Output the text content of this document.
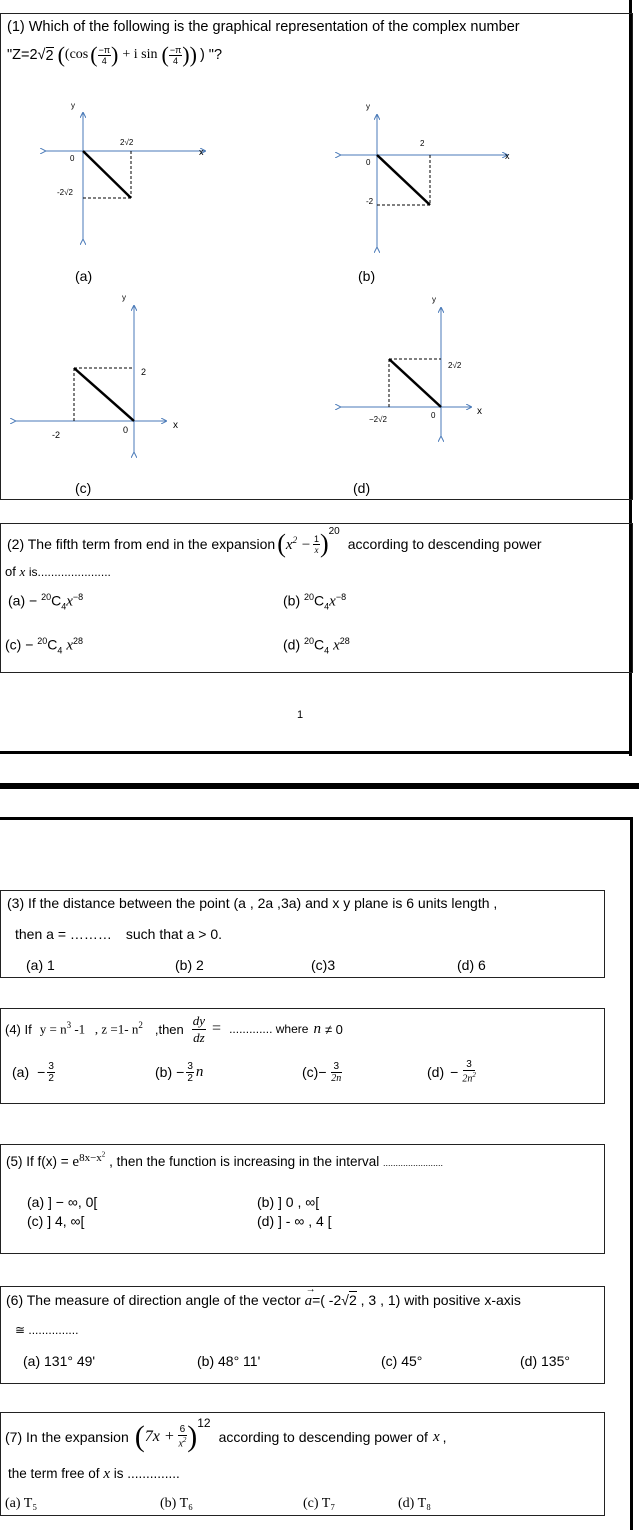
(1) Which of the following is the graphical representation of the complex number
"Z=2 √ 2 ( (cos ( −π
4 ) + i sin ( −π
4 ) ) ) "?
y
x
0
2√2
-2√2
(a)
y
x
0
2
-2
(b)
y
x
0
2
-2
(c)
y
x
0
2√2
−2√2
(d)
(2) The fifth term from end in the expansion ( $x^2 - \frac{1}{x}$ ) 20
according to descending power
of x is......................
$(a) - ^{20}C_4x^{-8}$	(b) $^{20}C_4x^{-8}$
$(c) - ^{20}C_4$ $x^{28}$	(d) $^{20}C_4$ $x^{28}$
1
(3) If the distance between the point (a , 2a ,3a) and x y plane is 6 units length ,
then a = ……… such that a > 0.
(a) 1	(b) 2	(c)3	(d) 6
(4) If $y = n^3$ -1   , z =1- $n^2$ ,then $\frac{dy}{dz}$ = ............. where n ≠ 0
$(a) - \frac{3}{2}$	$(b) - \frac{3}{2}$ n	$(c) - \frac{3}{2n}$	$(d) - \frac{3}{2n^2}$
(5) If $f(x) = e^{8x-x^2}$ , then the function is increasing in the interval ........................
(a) ] − ∞, 0[	(b) ] 0 , ∞[
(c) ] 4, ∞[	(d) ] - ∞ , 4 [
(6) The measure of direction angle of the vector
→
a=( -2√2 , 3 , 1) with positive x-axis
≅ ...............
(a) 131° 49'	(b) 48° 11'	(c) 45°	(d) 135°
(7) In the expansion ( $7x + \frac{6}{x^2}$ ) 12
according to descending power of x ,
the term free of x is ..............
(a) T₅	(b) T₆	(c) T₇	(d) T₈
